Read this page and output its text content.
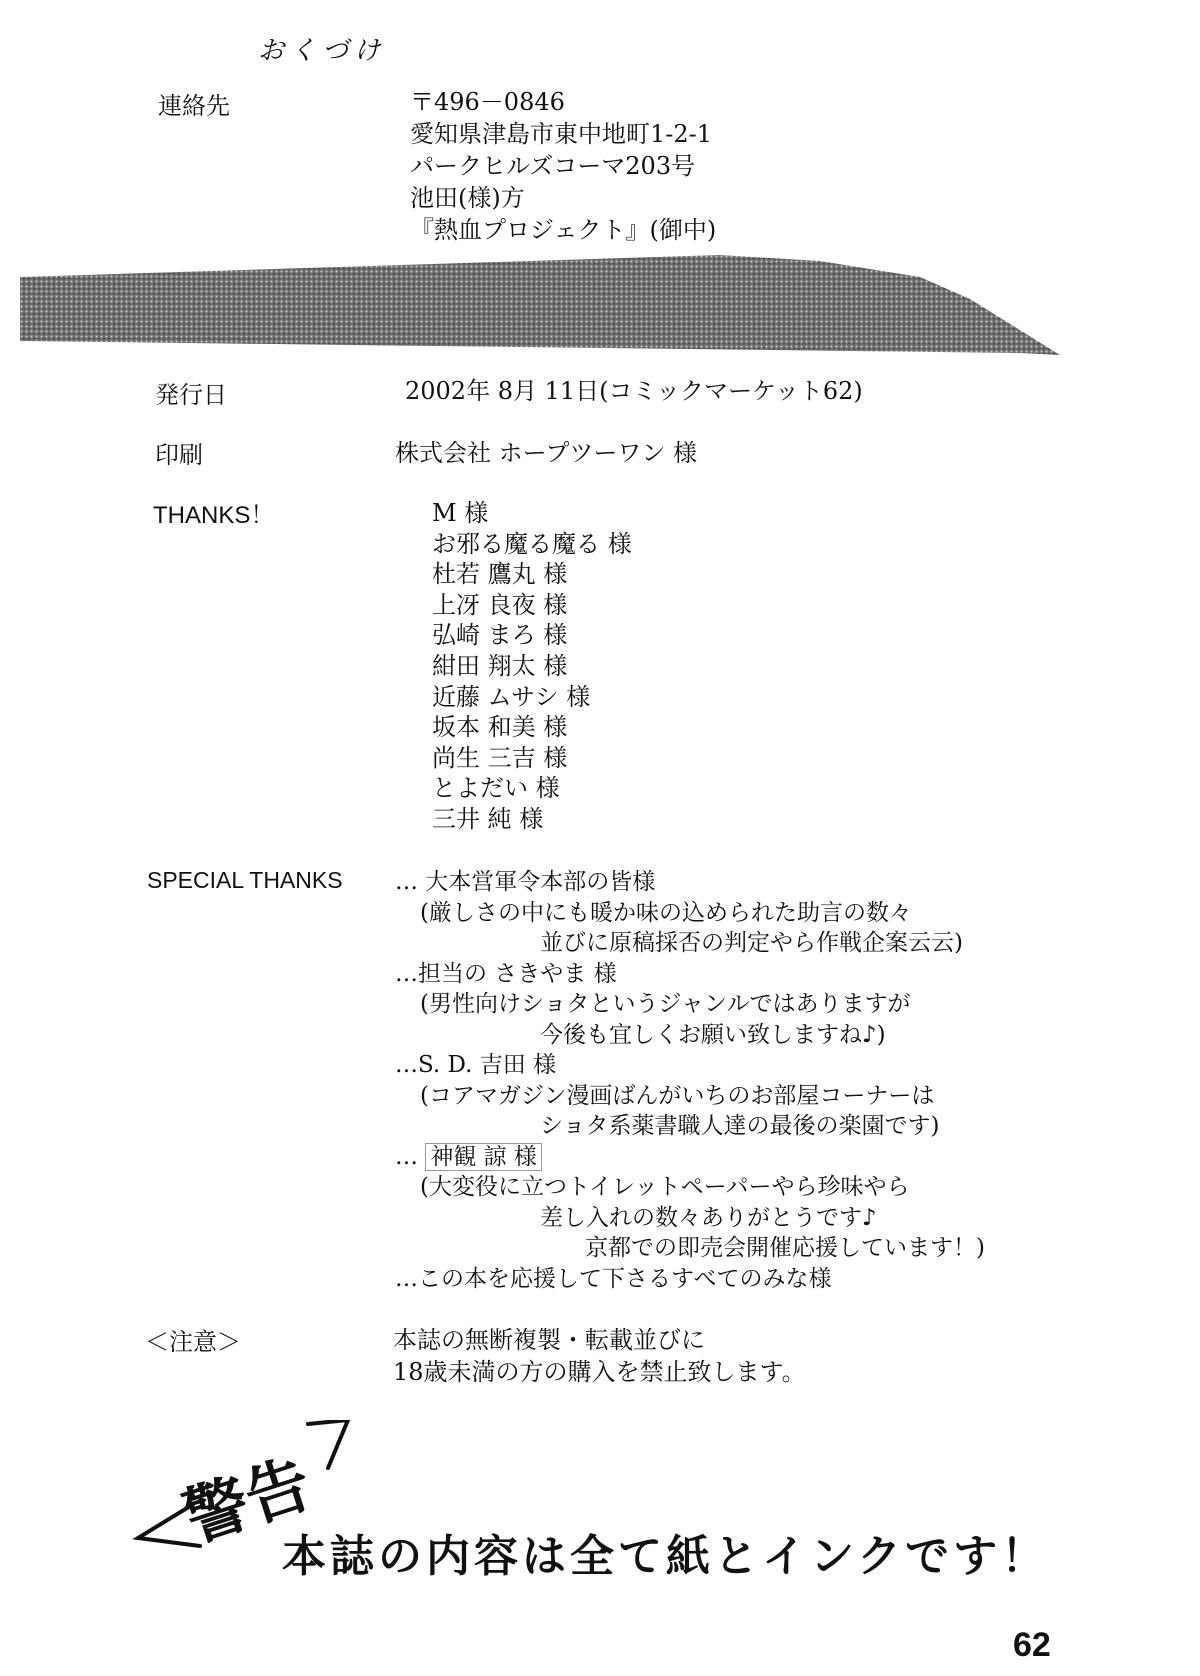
おくづけ
連絡先	〒496－0846
愛知県津島市東中地町1-2-1
パークヒルズコーマ203号
池田(様)方
『熱血プロジェクト』(御中)
発行日	2002年 8月 11日(コミックマーケット62)
印刷	株式会社 ホープツーワン 様
THANKS！	M 様
お邪る魔る魔る 様
杜若 鷹丸 様
上冴 良夜 様
弘崎 まろ 様
紺田 翔太 様
近藤 ムサシ 様
坂本 和美 様
尚生 三吉 様
とよだい 様
三井 純 様
SPECIAL THANKS … 大本営軍令本部の皆様
(厳しさの中にも暖か味の込められた助言の数々
並びに原稿採否の判定やら作戦企案云云)
…担当の さきやま 様
(男性向けショタというジャンルではありますが
今後も宜しくお願い致しますね♪)
…S. D. 吉田 様
(コアマガジン漫画ばんがいちのお部屋コーナーは
ショタ系薬書職人達の最後の楽園です)
… 神観 諒 様
(大変役に立つトイレットペーパーやら珍味やら
差し入れの数々ありがとうです♪
京都での即売会開催応援しています！)
…この本を応援して下さるすべてのみな様
＜注意＞	本誌の無断複製・転載並びに
18歳未満の方の購入を禁止致します。
警告
本誌の内容は全て紙とインクです！
62
